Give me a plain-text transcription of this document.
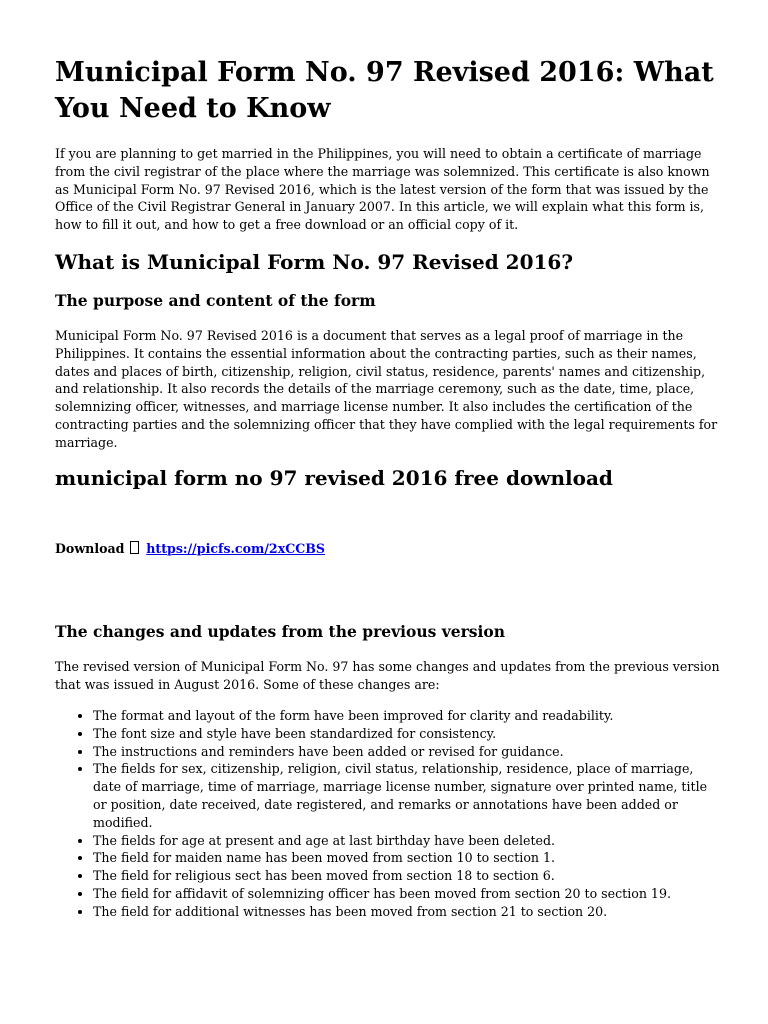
Municipal Form No. 97 Revised 2016: What You Need to Know

If you are planning to get married in the Philippines, you will need to obtain a certificate of marriage from the civil registrar of the place where the marriage was solemnized. This certificate is also known as Municipal Form No. 97 Revised 2016, which is the latest version of the form that was issued by the Office of the Civil Registrar General in January 2007. In this article, we will explain what this form is, how to fill it out, and how to get a free download or an official copy of it.

What is Municipal Form No. 97 Revised 2016?
The purpose and content of the form

Municipal Form No. 97 Revised 2016 is a document that serves as a legal proof of marriage in the Philippines. It contains the essential information about the contracting parties, such as their names, dates and places of birth, citizenship, religion, civil status, residence, parents' names and citizenship, and relationship. It also records the details of the marriage ceremony, such as the date, time, place, solemnizing officer, witnesses, and marriage license number. It also includes the certification of the contracting parties and the solemnizing officer that they have complied with the legal requirements for marriage.

municipal form no 97 revised 2016 free download
Download https://picfs.com/2xCCBS
The changes and updates from the previous version

The revised version of Municipal Form No. 97 has some changes and updates from the previous version that was issued in August 2016. Some of these changes are:

• The format and layout of the form have been improved for clarity and readability.
• The font size and style have been standardized for consistency.
• The instructions and reminders have been added or revised for guidance.
• The fields for sex, citizenship, religion, civil status, relationship, residence, place of marriage, date of marriage, time of marriage, marriage license number, signature over printed name, title or position, date received, date registered, and remarks or annotations have been added or modified.
• The fields for age at present and age at last birthday have been deleted.
• The field for maiden name has been moved from section 10 to section 1.
• The field for religious sect has been moved from section 18 to section 6.
• The field for affidavit of solemnizing officer has been moved from section 20 to section 19.
• The field for additional witnesses has been moved from section 21 to section 20.
